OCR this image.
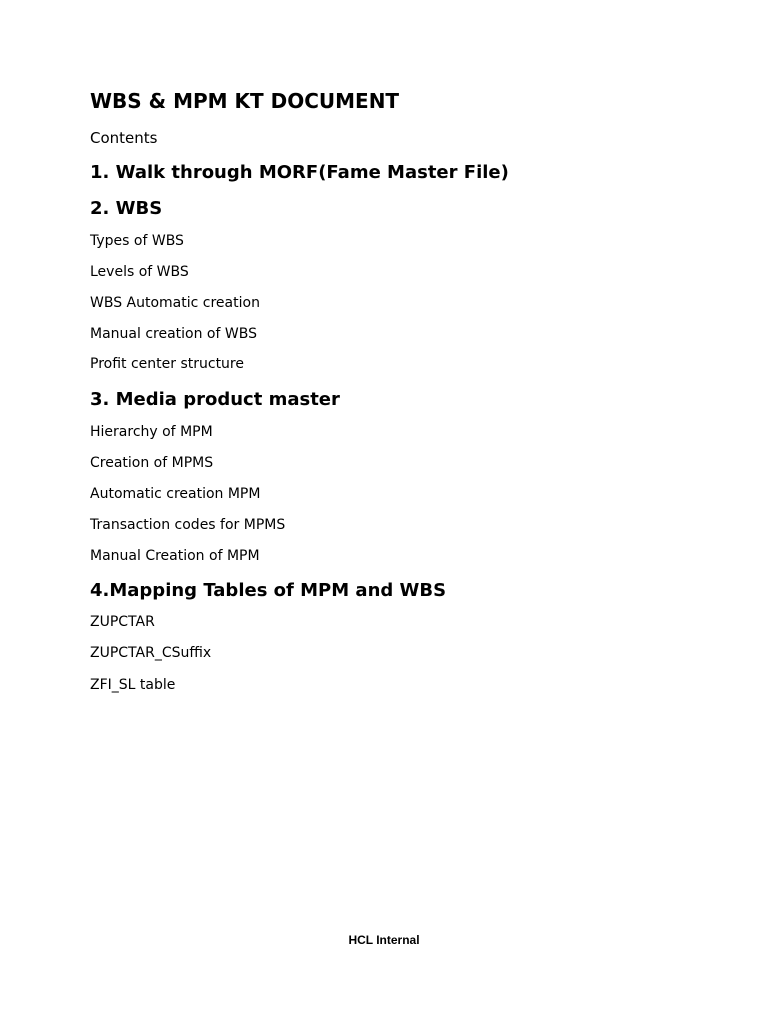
WBS & MPM KT DOCUMENT
Contents
1. Walk through MORF(Fame Master File)
2. WBS
Types of WBS
Levels of WBS
WBS Automatic creation
Manual creation of WBS
Profit center structure
3. Media product master
Hierarchy of MPM
Creation of MPMS
Automatic creation MPM
Transaction codes for MPMS
Manual Creation of MPM
4.Mapping Tables of MPM and WBS
ZUPCTAR
ZUPCTAR_CSuffix
ZFI_SL table
HCL Internal
